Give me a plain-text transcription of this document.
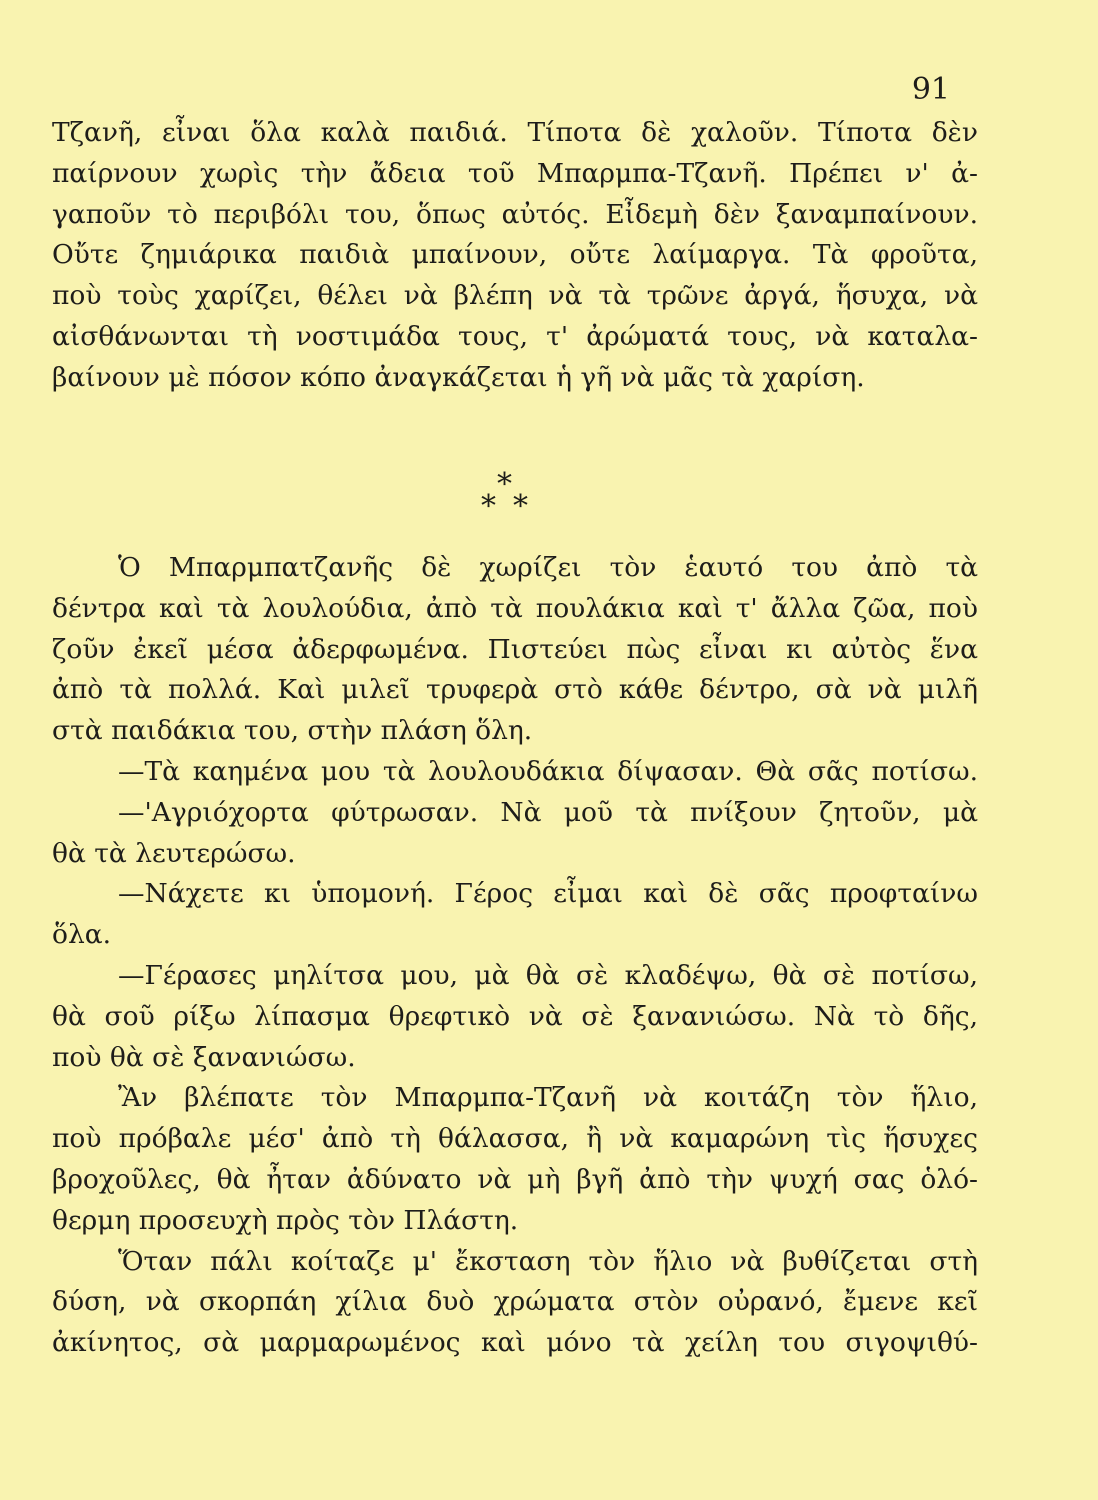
91
Τζανῆ, εἶναι ὅλα καλὰ παιδιά. Τίποτα δὲ χαλοῦν. Τίποτα δὲν
παίρνουν χωρὶς τὴν ἄδεια τοῦ Μπαρμπα-Τζανῆ. Πρέπει ν' ἀ-
γαποῦν τὸ περιβόλι του, ὅπως αὐτός. Εἶδεμὴ δὲν ξαναμπαίνουν.
Οὔτε ζημιάρικα παιδιὰ μπαίνουν, οὔτε λαίμαργα. Τὰ φροῦτα,
ποὺ τοὺς χαρίζει, θέλει νὰ βλέπη νὰ τὰ τρῶνε ἀργά, ἥσυχα, νὰ
αἰσθάνωνται τὴ νοστιμάδα τους, τ' ἀρώματά τους, νὰ καταλα-
βαίνουν μὲ πόσον κόπο ἀναγκάζεται ἡ γῆ νὰ μᾶς τὰ χαρίση.
*
* *
Ὁ Μπαρμπατζανῆς δὲ χωρίζει τὸν ἑαυτό του ἀπὸ τὰ
δέντρα καὶ τὰ λουλούδια, ἀπὸ τὰ πουλάκια καὶ τ' ἄλλα ζῶα, ποὺ
ζοῦν ἐκεῖ μέσα ἀδερφωμένα. Πιστεύει πὼς εἶναι κι αὐτὸς ἕνα
ἀπὸ τὰ πολλά. Καὶ μιλεῖ τρυφερὰ στὸ κάθε δέντρο, σὰ νὰ μιλῆ
στὰ παιδάκια του, στὴν πλάση ὅλη.
—Τὰ καημένα μου τὰ λουλουδάκια δίψασαν. Θὰ σᾶς ποτίσω.
—'Αγριόχορτα φύτρωσαν. Νὰ μοῦ τὰ πνίξουν ζητοῦν, μὰ
θὰ τὰ λευτερώσω.
—Νάχετε κι ὑπομονή. Γέρος εἶμαι καὶ δὲ σᾶς προφταίνω
ὅλα.
—Γέρασες μηλίτσα μου, μὰ θὰ σὲ κλαδέψω, θὰ σὲ ποτίσω,
θὰ σοῦ ρίξω λίπασμα θρεφτικὸ νὰ σὲ ξανανιώσω. Νὰ τὸ δῆς,
ποὺ θὰ σὲ ξανανιώσω.
Ἂν βλέπατε τὸν Μπαρμπα-Τζανῆ νὰ κοιτάζη τὸν ἥλιο,
ποὺ πρόβαλε μέσ' ἀπὸ τὴ θάλασσα, ἢ νὰ καμαρώνη τὶς ἥσυχες
βροχοῦλες, θὰ ἦταν ἀδύνατο νὰ μὴ βγῆ ἀπὸ τὴν ψυχή σας ὁλό-
θερμη προσευχὴ πρὸς τὸν Πλάστη.
Ὅταν πάλι κοίταζε μ' ἔκσταση τὸν ἥλιο νὰ βυθίζεται στὴ
δύση, νὰ σκορπάη χίλια δυὸ χρώματα στὸν οὐρανό, ἔμενε κεῖ
ἀκίνητος, σὰ μαρμαρωμένος καὶ μόνο τὰ χείλη του σιγοψιθύ-
